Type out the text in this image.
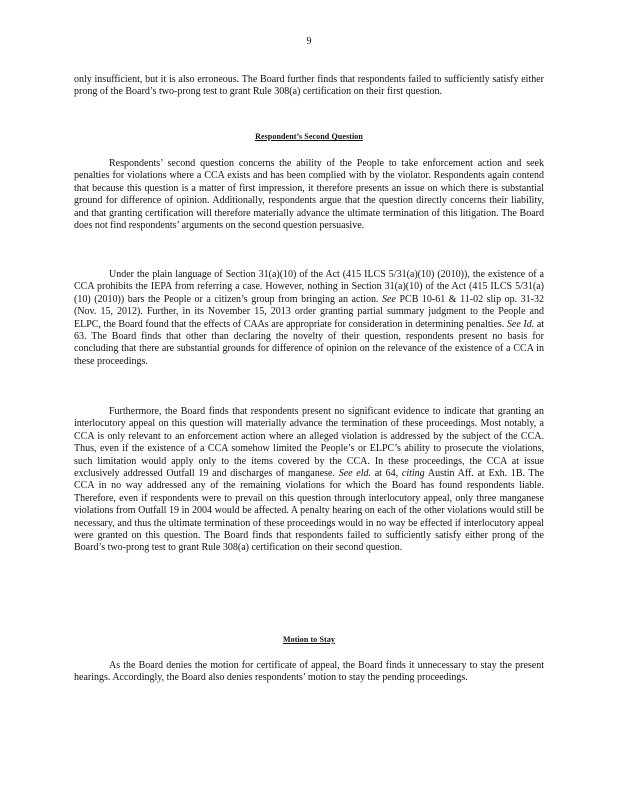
9

only insufficient, but it is also erroneous. The Board further finds that respondents failed to sufficiently satisfy either prong of the Board’s two-prong test to grant Rule 308(a) certification on their first question.

Respondent’s Second Question

Respondents’ second question concerns the ability of the People to take enforcement action and seek penalties for violations where a CCA exists and has been complied with by the violator. Respondents again contend that because this question is a matter of first impression, it therefore presents an issue on which there is substantial ground for difference of opinion. Additionally, respondents argue that the question directly concerns their liability, and that granting certification will therefore materially advance the ultimate termination of this litigation. The Board does not find respondents’ arguments on the second question persuasive.

Under the plain language of Section 31(a)(10) of the Act (415 ILCS 5/31(a)(10) (2010)), the existence of a CCA prohibits the IEPA from referring a case. However, nothing in Section 31(a)(10) of the Act (415 ILCS 5/31(a)(10) (2010)) bars the People or a citizen’s group from bringing an action. See PCB 10-61 & 11-02 slip op. 31-32 (Nov. 15, 2012). Further, in its November 15, 2013 order granting partial summary judgment to the People and ELPC, the Board found that the effects of CAAs are appropriate for consideration in determining penalties. See Id. at 63. The Board finds that other than declaring the novelty of their question, respondents present no basis for concluding that there are substantial grounds for difference of opinion on the relevance of the existence of a CCA in these proceedings.

Furthermore, the Board finds that respondents present no significant evidence to indicate that granting an interlocutory appeal on this question will materially advance the termination of these proceedings. Most notably, a CCA is only relevant to an enforcement action where an alleged violation is addressed by the subject of the CCA. Thus, even if the existence of a CCA somehow limited the People’s or ELPC’s ability to prosecute the violations, such limitation would apply only to the items covered by the CCA. In these proceedings, the CCA at issue exclusively addressed Outfall 19 and discharges of manganese. See eld. at 64, citing Austin Aff. at Exh. 1B. The CCA in no way addressed any of the remaining violations for which the Board has found respondents liable. Therefore, even if respondents were to prevail on this question through interlocutory appeal, only three manganese violations from Outfall 19 in 2004 would be affected. A penalty hearing on each of the other violations would still be necessary, and thus the ultimate termination of these proceedings would in no way be effected if interlocutory appeal were granted on this question. The Board finds that respondents failed to sufficiently satisfy either prong of the Board’s two-prong test to grant Rule 308(a) certification on their second question.

Motion to Stay

As the Board denies the motion for certificate of appeal, the Board finds it unnecessary to stay the present hearings. Accordingly, the Board also denies respondents’ motion to stay the pending proceedings.
